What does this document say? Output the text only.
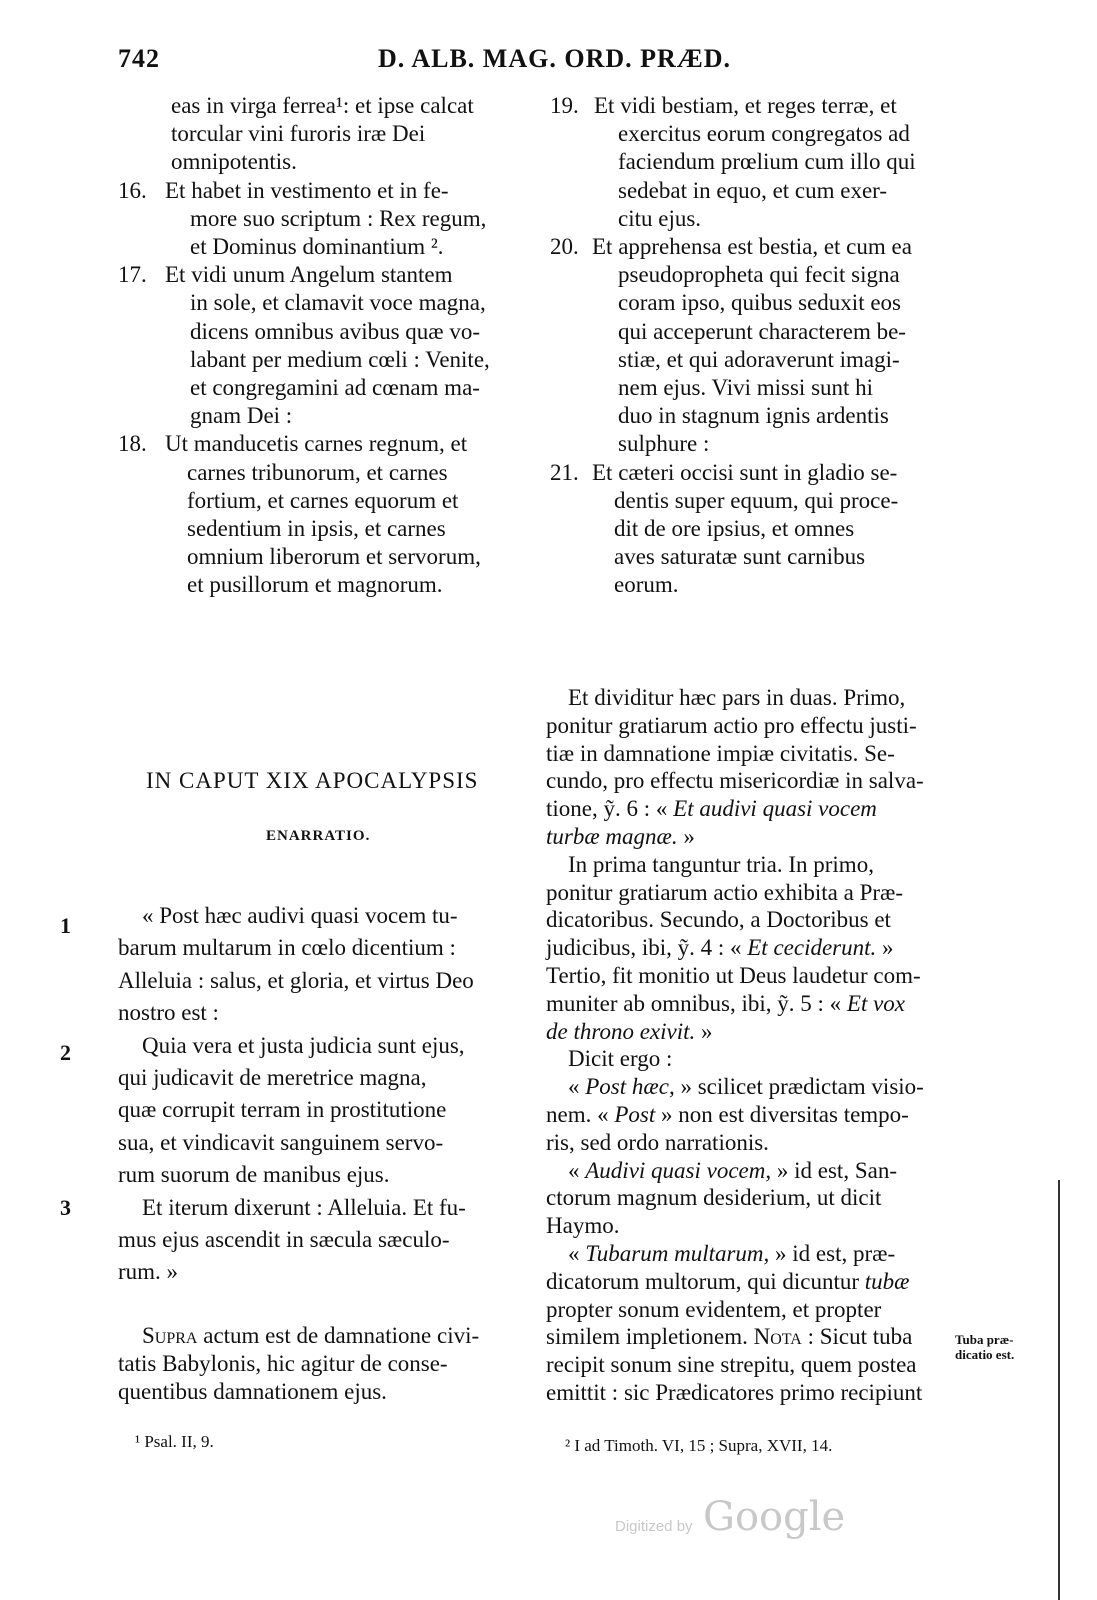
742	D. ALB. MAG. ORD. PRÆD.
eas in virga ferrea¹: et ipse calcat
torcular vini furoris iræ Dei
omnipotentis.
16. Et habet in vestimento et in fe-
more suo scriptum : Rex regum,
et Dominus dominantium ².
17. Et vidi unum Angelum stantem
in sole, et clamavit voce magna,
dicens omnibus avibus quæ vo-
labant per medium cœli : Venite,
et congregamini ad cœnam ma-
gnam Dei :
18. Ut manducetis carnes regnum, et
carnes tribunorum, et carnes
fortium, et carnes equorum et
sedentium in ipsis, et carnes
omnium liberorum et servorum,
et pusillorum et magnorum.
19. Et vidi bestiam, et reges terræ, et
exercitus eorum congregatos ad
faciendum prœlium cum illo qui
sedebat in equo, et cum exer-
citu ejus.
20. Et apprehensa est bestia, et cum ea
pseudopropheta qui fecit signa
coram ipso, quibus seduxit eos
qui acceperunt characterem be-
stiæ, et qui adoraverunt imagi-
nem ejus. Vivi missi sunt hi
duo in stagnum ignis ardentis
sulphure :
21. Et cæteri occisi sunt in gladio se-
dentis super equum, qui proce-
dit de ore ipsius, et omnes
aves saturatæ sunt carnibus
eorum.
IN CAPUT XIX APOCALYPSIS
ENARRATIO.
1
2
3
« Post hæc audivi quasi vocem tu-
barum multarum in cœlo dicentium :
Alleluia : salus, et gloria, et virtus Deo
nostro est :
Quia vera et justa judicia sunt ejus,
qui judicavit de meretrice magna,
quæ corrupit terram in prostitutione
sua, et vindicavit sanguinem servo-
rum suorum de manibus ejus.
Et iterum dixerunt : Alleluia. Et fu-
mus ejus ascendit in sæcula sæculo-
rum. »
Supra actum est de damnatione civi-
tatis Babylonis, hic agitur de conse-
quentibus damnationem ejus.
Et dividitur hæc pars in duas. Primo,
ponitur gratiarum actio pro effectu justi-
tiæ in damnatione impiæ civitatis. Se-
cundo, pro effectu misericordiæ in salva-
tione, ỹ. 6 : « Et audivi quasi vocem
turbæ magnæ. »
In prima tanguntur tria. In primo,
ponitur gratiarum actio exhibita a Præ-
dicatoribus. Secundo, a Doctoribus et
judicibus, ibi, ỹ. 4 : « Et ceciderunt. »
Tertio, fit monitio ut Deus laudetur com-
muniter ab omnibus, ibi, ỹ. 5 : « Et vox
de throno exivit. »
Dicit ergo :
« Post hæc, » scilicet prædictam visio-
nem. « Post » non est diversitas tempo-
ris, sed ordo narrationis.
« Audivi quasi vocem, » id est, San-
ctorum magnum desiderium, ut dicit
Haymo.
« Tubarum multarum, » id est, præ-
dicatorum multorum, qui dicuntur tubæ
propter sonum evidentem, et propter
similem impletionem. Nota : Sicut tuba
recipit sonum sine strepitu, quem postea
emittit : sic Prædicatores primo recipiunt
Tuba præ-
dicatio est.
¹ Psal. II, 9.	² I ad Timoth. VI, 15 ; Supra, XVII, 14.
Digitized by Google
